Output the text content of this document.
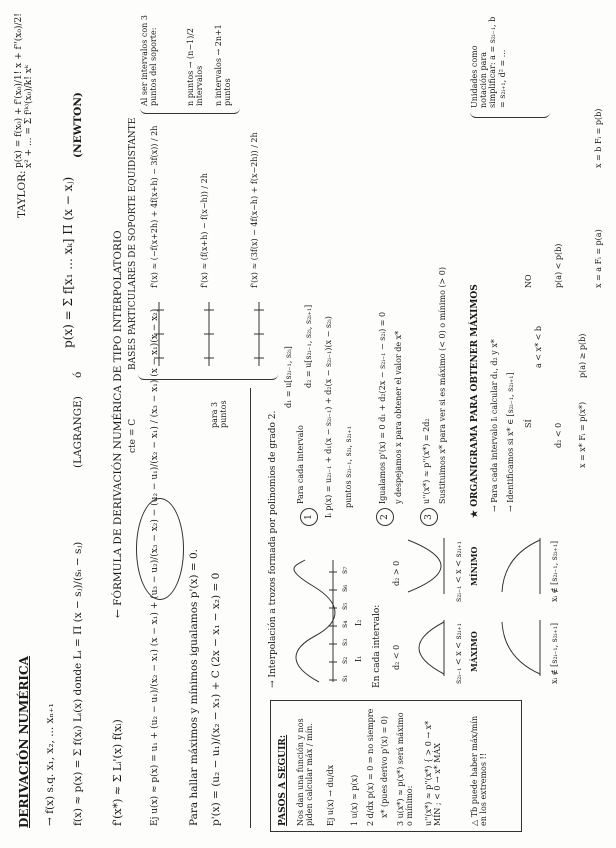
DERIVACIÓN NUMÉRICA → f(x) s.q. x₁, x₂, ... xₙ₊₁ f(x) ≈ p(x) = Σ f(xᵢ) Lᵢ(x) donde Lᵢ = Π (x − sⱼ)/(sᵢ − sⱼ)
(LAGRANGE)
ó
p(x) = Σ f[x₁ ... xₖ] Π (x − xⱼ)
(NEWTON)
TAYLOR:
p(x) = f(x₀) + f'(x₀)/1! x + f''(x₀)/2! x² + ... = Σ f⁽ᵏ⁾(x₀)/k! xᵏ
f'(x*) ≈ Σ Lᵢ'(x) f(xᵢ)
← FÓRMULA DE DERIVACIÓN NUMÉRICA DE TIPO INTERPOLATORIO	Ej u(x) ≈ p(x) = u₁ + (u₂ − u₁)/(x₂ − x₁) (x − x₁) + (u₃ − u₂)/(x₃ − x₂) − (u₂ − u₁)/(x₂ − x₁) / (x₃ − x₁) (x − x₁)(x − x₂)
cte = C
Para hallar máximos y mínimos igualamos p'(x) = 0. p'(x) = (u₂ − u₁)/(x₂ − x₁) + C (2x − x₁ − x₂) = 0
BASES PARTICULARES DE SOPORTE EQUIDISTANTE f'(x) ≈ (−f(x+2h) + 4f(x+h) − 3f(x)) / 2h	f'(x) ≈ (f(x+h) − f(x−h)) / 2h	f'(x) ≈ (3f(x) − 4f(x−h) + f(x−2h)) / 2h
para 3 puntos
Al ser intervalos con 3 puntos del soporte:	n puntos → (n−1)/2 intervalos n intervalos → 2n+1 puntos
PASOS A SEGUIR: Nos dan una función y nos piden calcular máx / mín. Ej u(x) → du/dx 1 u(x) ≈ p(x) 2 d/dx p(x) = 0 ⇒ no siempre x* (pues derivo p'(x) = 0) 3 u(x*) ≈ p(x*) será máximo o mínimo: u''(x*) ≈ p''(x*) { > 0 → x* MÍN ; < 0 → x* MÁX	△ Tb puede haber máx/mín en los extremos !!
→ Interpolación a trozos formada por polinomios de grado 2.	s₁
s₂
s₃
s₄
s₅
s₆
s₇
I₁
I₂ En cada intervalo: d₂ < 0	s₂ᵢ₋₁ < x < s₂ᵢ₊₁ MÁXIMO
d₂ > 0	s₂ᵢ₋₁ < x < s₂ᵢ₊₁ MÍNIMO
xᵢ ∉ [s₂ᵢ₋₁, s₂ᵢ₊₁]
xᵢ ∉ [s₂ᵢ₋₁, s₂ᵢ₊₁]
1
Para cada intervalo Iᵢ p(x) = u₂ᵢ₋₁ + d₁(x − s₂ᵢ₋₁) + d₂(x − s₂ᵢ₋₁)(x − s₂ᵢ)
d₁ = u[s₂ᵢ₋₁, s₂ᵢ] d₂ = u[s₂ᵢ₋₁, s₂ᵢ, s₂ᵢ₊₁]
puntos s₂ᵢ₋₁, s₂ᵢ, s₂ᵢ₊₁
2
Igualamos p'(x) = 0 d₁ + d₂(2x − s₂ᵢ₋₁ − s₂ᵢ) = 0 y despejamos x para obtener el valor de x*
3
u''(x*) ≈ p''(x*) = 2d₂ Sustituimos x* para ver si es máximo (< 0) o mínimo (> 0)	★ ORGANIGRAMA PARA OBTENER MÁXIMOS → Para cada intervalo Iᵢ calcular d₁, d₂ y x* → Identificamos si x* ∈ [s₂ᵢ₋₁, s₂ᵢ₊₁] SÍ
NO
a < x* < b
d₂ < 0
p(a) < p(b)
x = x* Fᵢ = p(x*)
p(a) ≥ p(b)
x = a Fᵢ = p(a)
x = b Fᵢ = p(b)
Unidades como notación para simplificar: a = s₂ᵢ₋₁, b = s₂ᵢ₊₁, d² = ...
